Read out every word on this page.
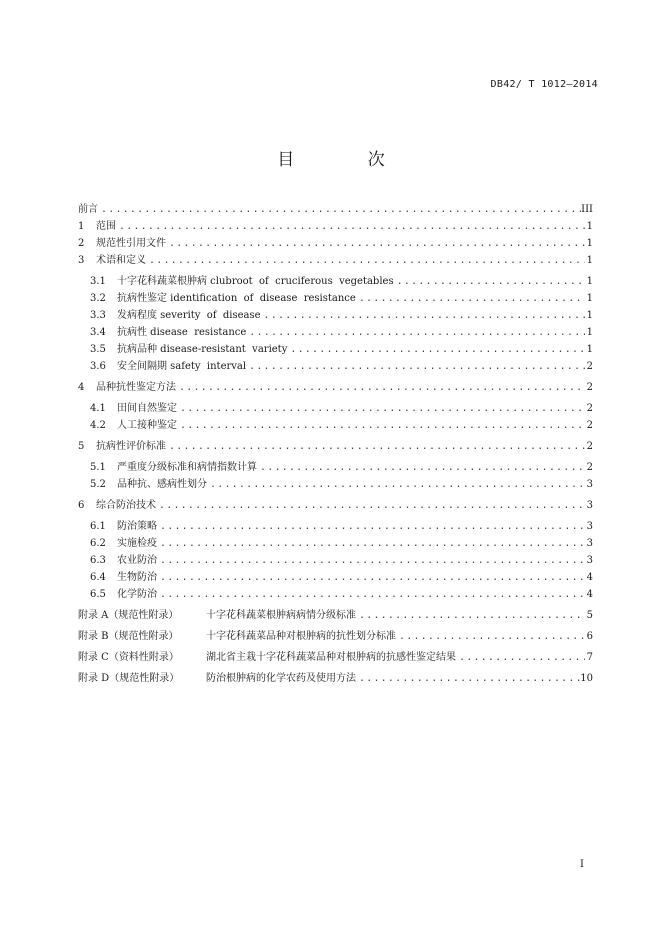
DB42/ T 1012—2014
目 次
前言 .....	III
1	范围 .....	1
2	规范性引用文件 .....	1
3	术语和定义 .....	1
3.1	十字花科蔬菜根肿病 clubroot  of  cruciferous  vegetables .....	1
3.2	抗病性鉴定 identification  of  disease  resistance .....	1
3.3	发病程度 severity  of  disease .....	1
3.4	抗病性 disease  resistance .....	1
3.5	抗病品种 disease-resistant  variety .....	1
3.6	安全间隔期 safety  interval .....	2
4	品种抗性鉴定方法 .....	2
4.1	田间自然鉴定 .....	2
4.2	人工接种鉴定 .....	2
5	抗病性评价标准 .....	2
5.1	严重度分级标准和病情指数计算 .....	2
5.2	品种抗、感病性划分 .....	3
6	综合防治技术 .....	3
6.1	防治策略 .....	3
6.2	实施检疫 .....	3
6.3	农业防治 .....	3
6.4	生物防治 .....	4
6.5	化学防治 .....	4
附录 A（规范性附录）	十字花科蔬菜根肿病病情分级标准 .....	5
附录 B（规范性附录）	十字花科蔬菜品种对根肿病的抗性划分标准 .....	6
附录 C（资料性附录）	湖北省主栽十字花科蔬菜品种对根肿病的抗感性鉴定结果 .....	7
附录 D（规范性附录）	防治根肿病的化学农药及使用方法 .....	10
I
